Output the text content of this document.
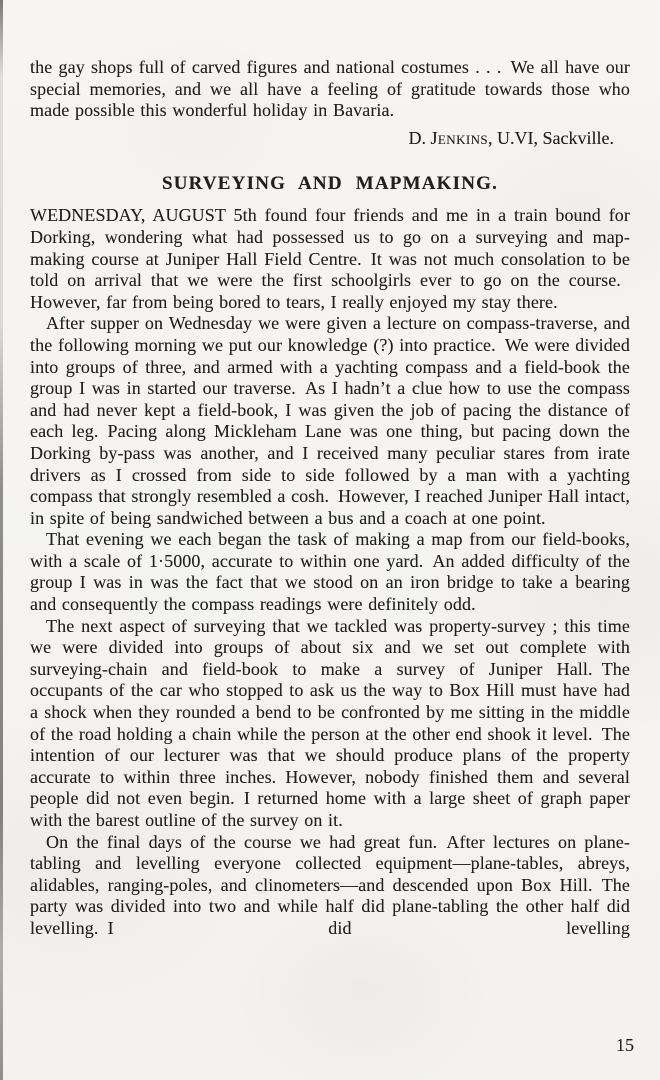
the gay shops full of carved figures and national costumes . . . We all have our special memories, and we all have a feeling of gratitude towards those who made possible this wonderful holiday in Bavaria.

D. Jenkins, U.VI, Sackville.

SURVEYING AND MAPMAKING.

WEDNESDAY, AUGUST 5th found four friends and me in a train bound for Dorking, wondering what had possessed us to go on a surveying and map-making course at Juniper Hall Field Centre. It was not much consolation to be told on arrival that we were the first schoolgirls ever to go on the course. However, far from being bored to tears, I really enjoyed my stay there.

After supper on Wednesday we were given a lecture on compass-traverse, and the following morning we put our knowledge (?) into practice. We were divided into groups of three, and armed with a yachting compass and a field-book the group I was in started our traverse. As I hadn’t a clue how to use the compass and had never kept a field-book, I was given the job of pacing the distance of each leg. Pacing along Mickleham Lane was one thing, but pacing down the Dorking by-pass was another, and I received many peculiar stares from irate drivers as I crossed from side to side followed by a man with a yachting compass that strongly resembled a cosh. However, I reached Juniper Hall intact, in spite of being sandwiched between a bus and a coach at one point.

That evening we each began the task of making a map from our field-books, with a scale of 1·5000, accurate to within one yard. An added difficulty of the group I was in was the fact that we stood on an iron bridge to take a bearing and consequently the compass readings were definitely odd.

The next aspect of surveying that we tackled was property-survey ; this time we were divided into groups of about six and we set out complete with surveying-chain and field-book to make a survey of Juniper Hall. The occupants of the car who stopped to ask us the way to Box Hill must have had a shock when they rounded a bend to be confronted by me sitting in the middle of the road holding a chain while the person at the other end shook it level. The intention of our lecturer was that we should produce plans of the property accurate to within three inches. However, nobody finished them and several people did not even begin. I returned home with a large sheet of graph paper with the barest outline of the survey on it.

On the final days of the course we had great fun. After lectures on plane-tabling and levelling everyone collected equipment—plane-tables, abreys, alidables, ranging-poles, and clinometers—and descended upon Box Hill. The party was divided into two and while half did plane-tabling the other half did levelling. I did levelling

15
